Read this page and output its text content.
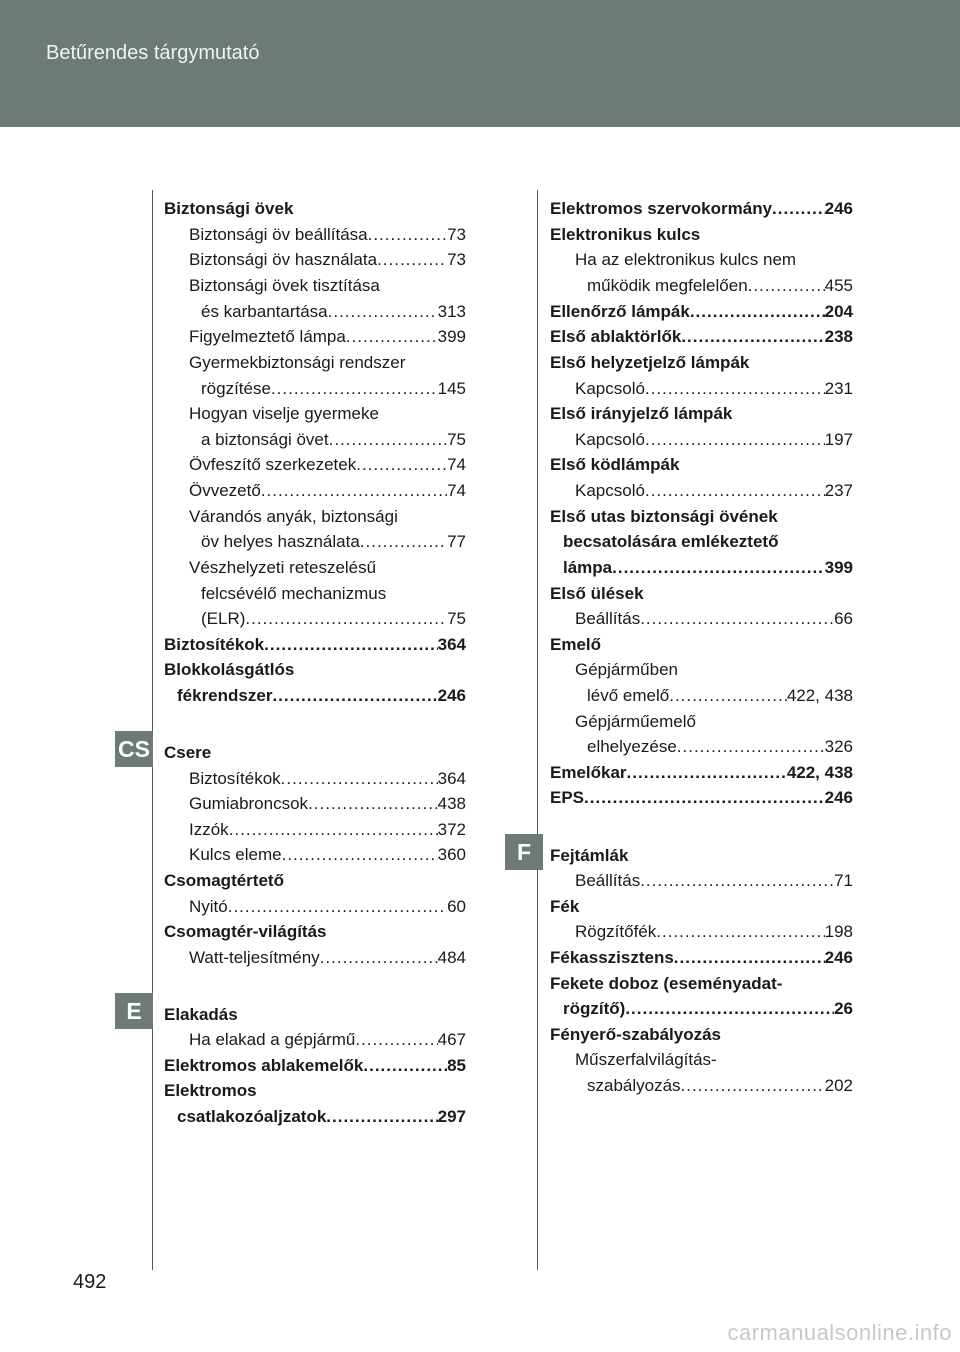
Betűrendes tárgymutató
CS
E
F
Biztonsági övek
Biztonsági öv beállítása .....	73
Biztonsági öv használata .....	73
Biztonsági övek tisztítása
és karbantartása .....	313
Figyelmeztető lámpa .....	399
Gyermekbiztonsági rendszer
rögzítése .....	145
Hogyan viselje gyermeke
a biztonsági övet .....	75
Övfeszítő szerkezetek .....	74
Övvezető .....	74
Várandós anyák, biztonsági
öv helyes használata .....	77
Vészhelyzeti reteszelésű
felcsévélő mechanizmus
(ELR) .....	75
Biztosítékok .....	364
Blokkolásgátlós
fékrendszer .....	246
Csere
Biztosítékok .....	364
Gumiabroncsok .....	438
Izzók .....	372
Kulcs eleme .....	360
Csomagtértető
Nyitó .....	60
Csomagtér-világítás
Watt-teljesítmény .....	484
Elakadás
Ha elakad a gépjármű .....	467
Elektromos ablakemelők .....	85
Elektromos
csatlakozóaljzatok .....	297
Elektromos szervokormány .....	246
Elektronikus kulcs
Ha az elektronikus kulcs nem
működik megfelelően .....	455
Ellenőrző lámpák .....	204
Első ablaktörlők .....	238
Első helyzetjelző lámpák
Kapcsoló .....	231
Első irányjelző lámpák
Kapcsoló .....	197
Első ködlámpák
Kapcsoló .....	237
Első utas biztonsági övének
becsatolására emlékeztető
lámpa .....	399
Első ülések
Beállítás .....	66
Emelő
Gépjárműben
lévő emelő .....	422, 438
Gépjárműemelő
elhelyezése .....	326
Emelőkar .....	422, 438
EPS .....	246
Fejtámlák
Beállítás .....	71
Fék
Rögzítőfék .....	198
Fékasszisztens .....	246
Fekete doboz (eseményadat-
rögzítő) .....	26
Fényerő-szabályozás
Műszerfalvilágítás-
szabályozás .....	202
492
carmanualsonline.info
